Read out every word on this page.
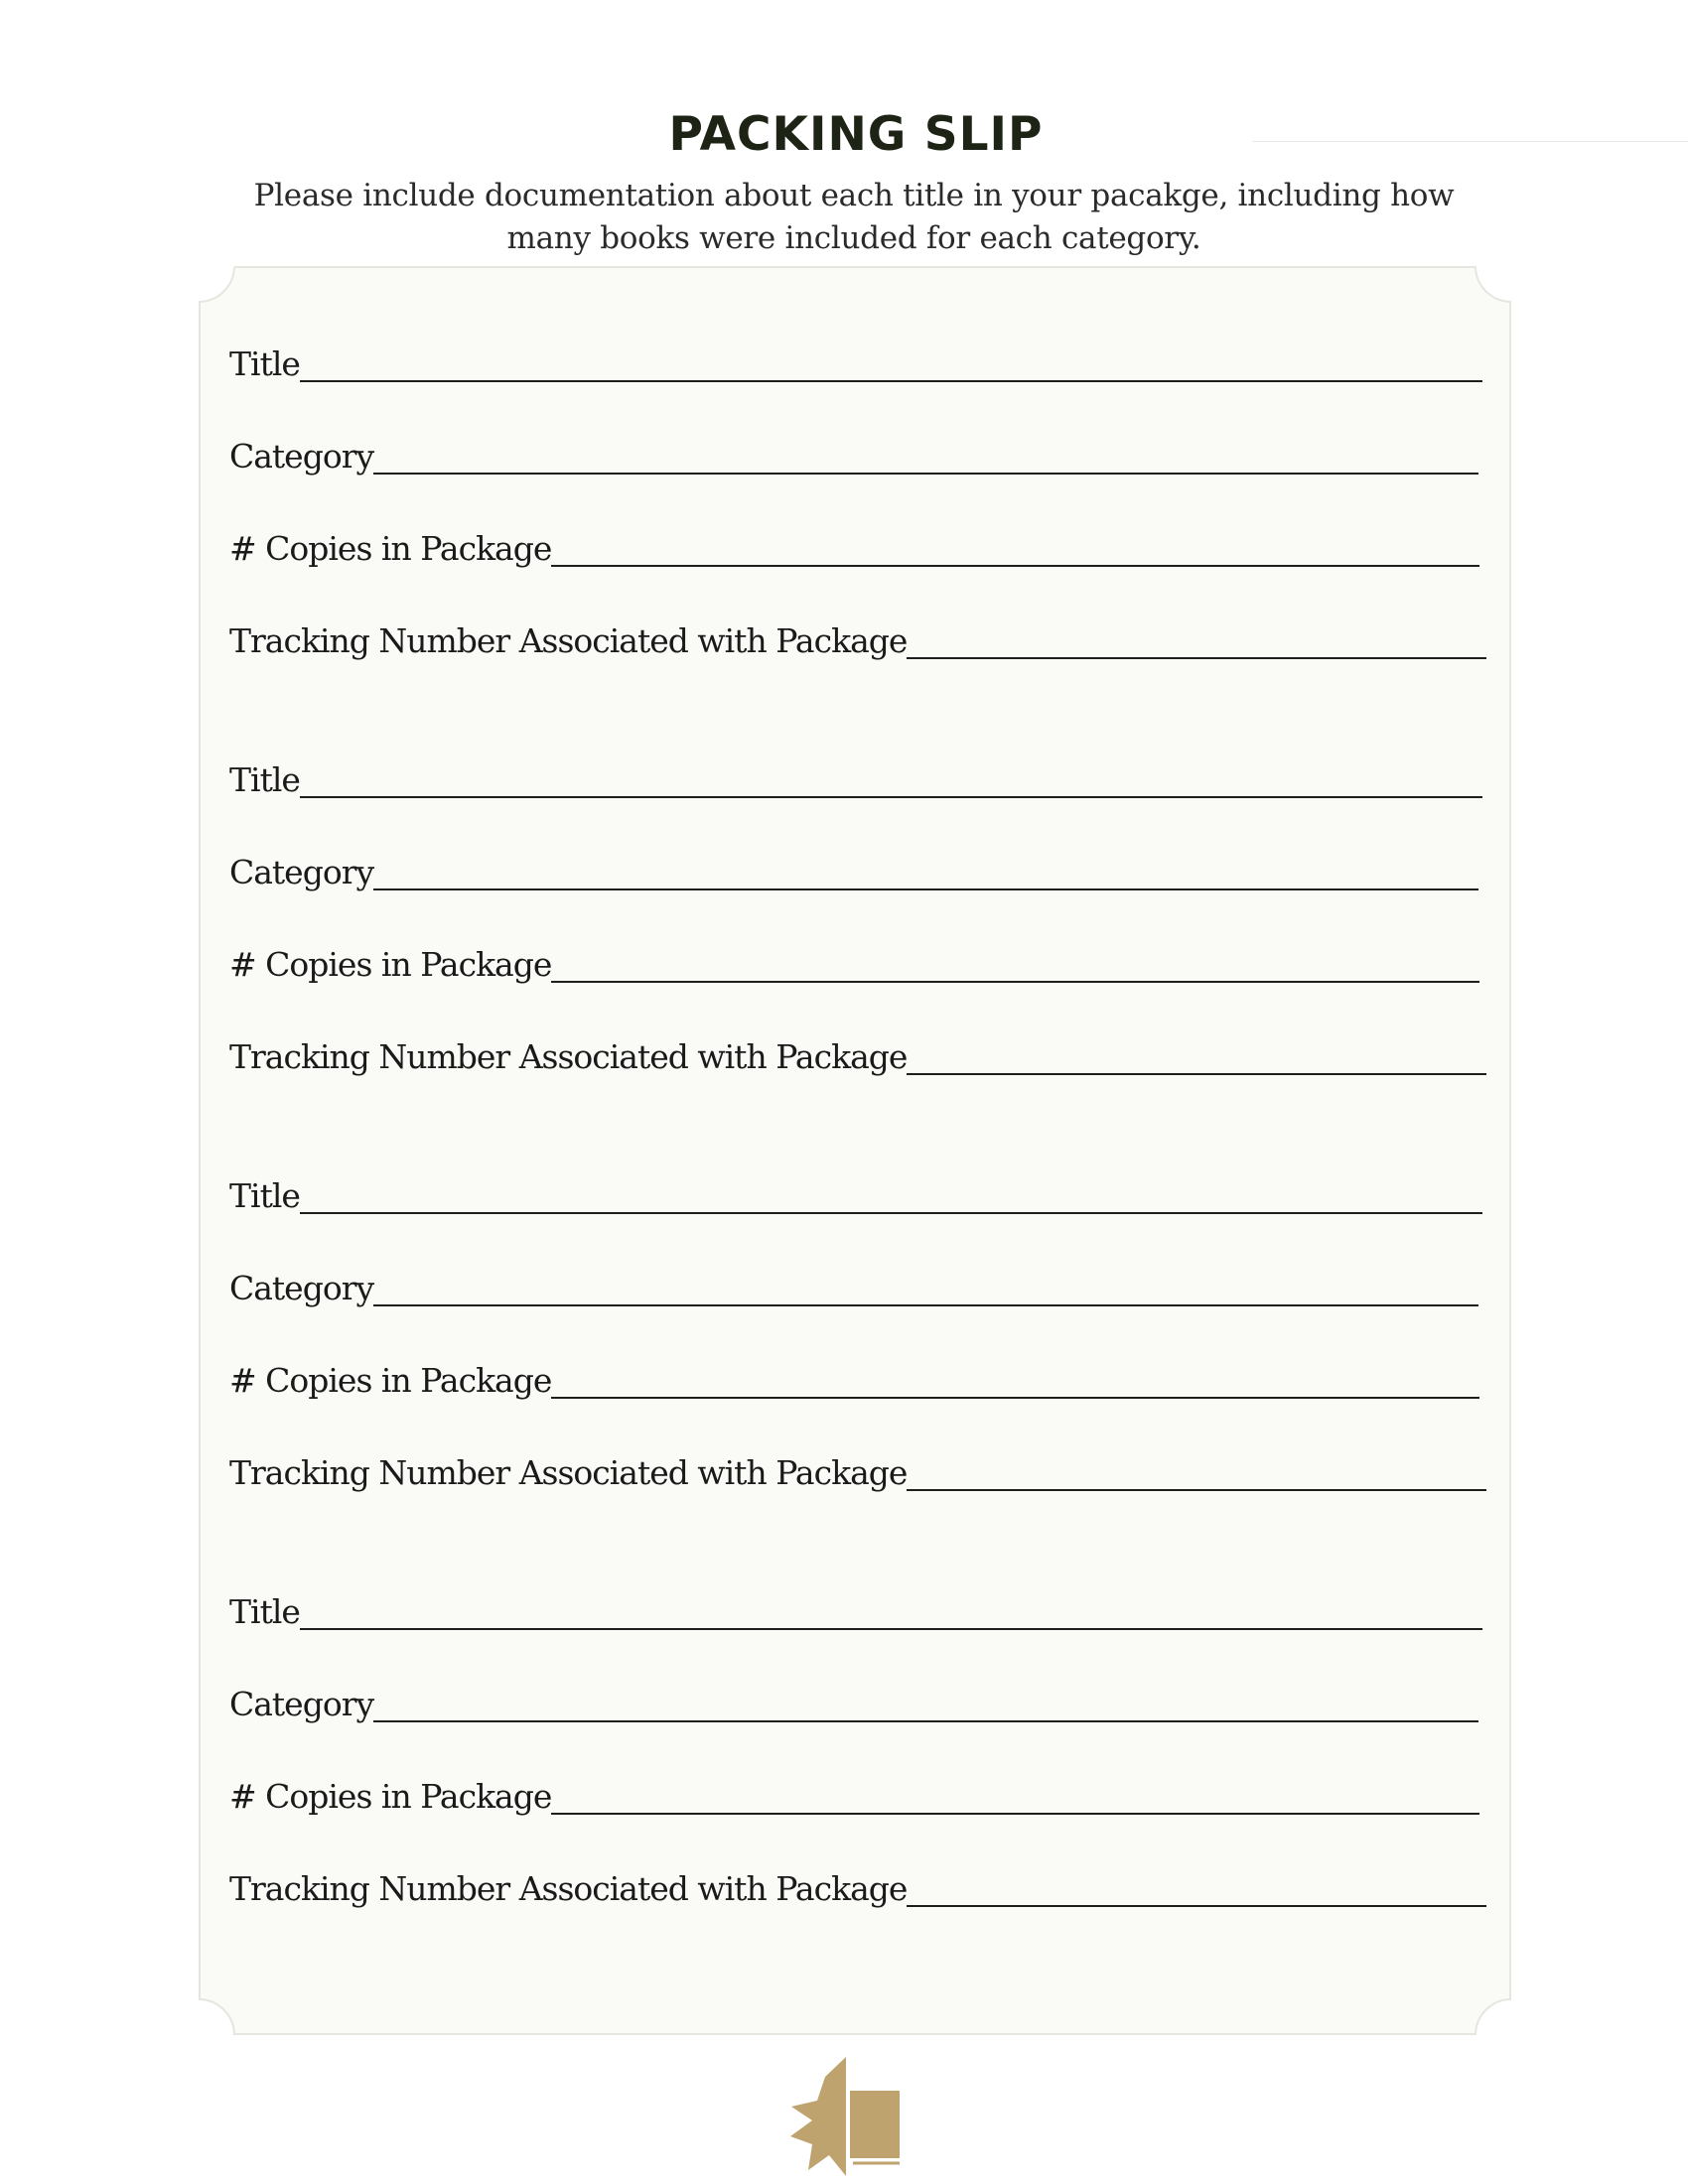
PACKING SLIP

Please include documentation about each title in your pacakge, including how many books were included for each category.

Title
Category
# Copies in Package
Tracking Number Associated with Package
Title
Category
# Copies in Package
Tracking Number Associated with Package
Title
Category
# Copies in Package
Tracking Number Associated with Package
Title
Category
# Copies in Package
Tracking Number Associated with Package
